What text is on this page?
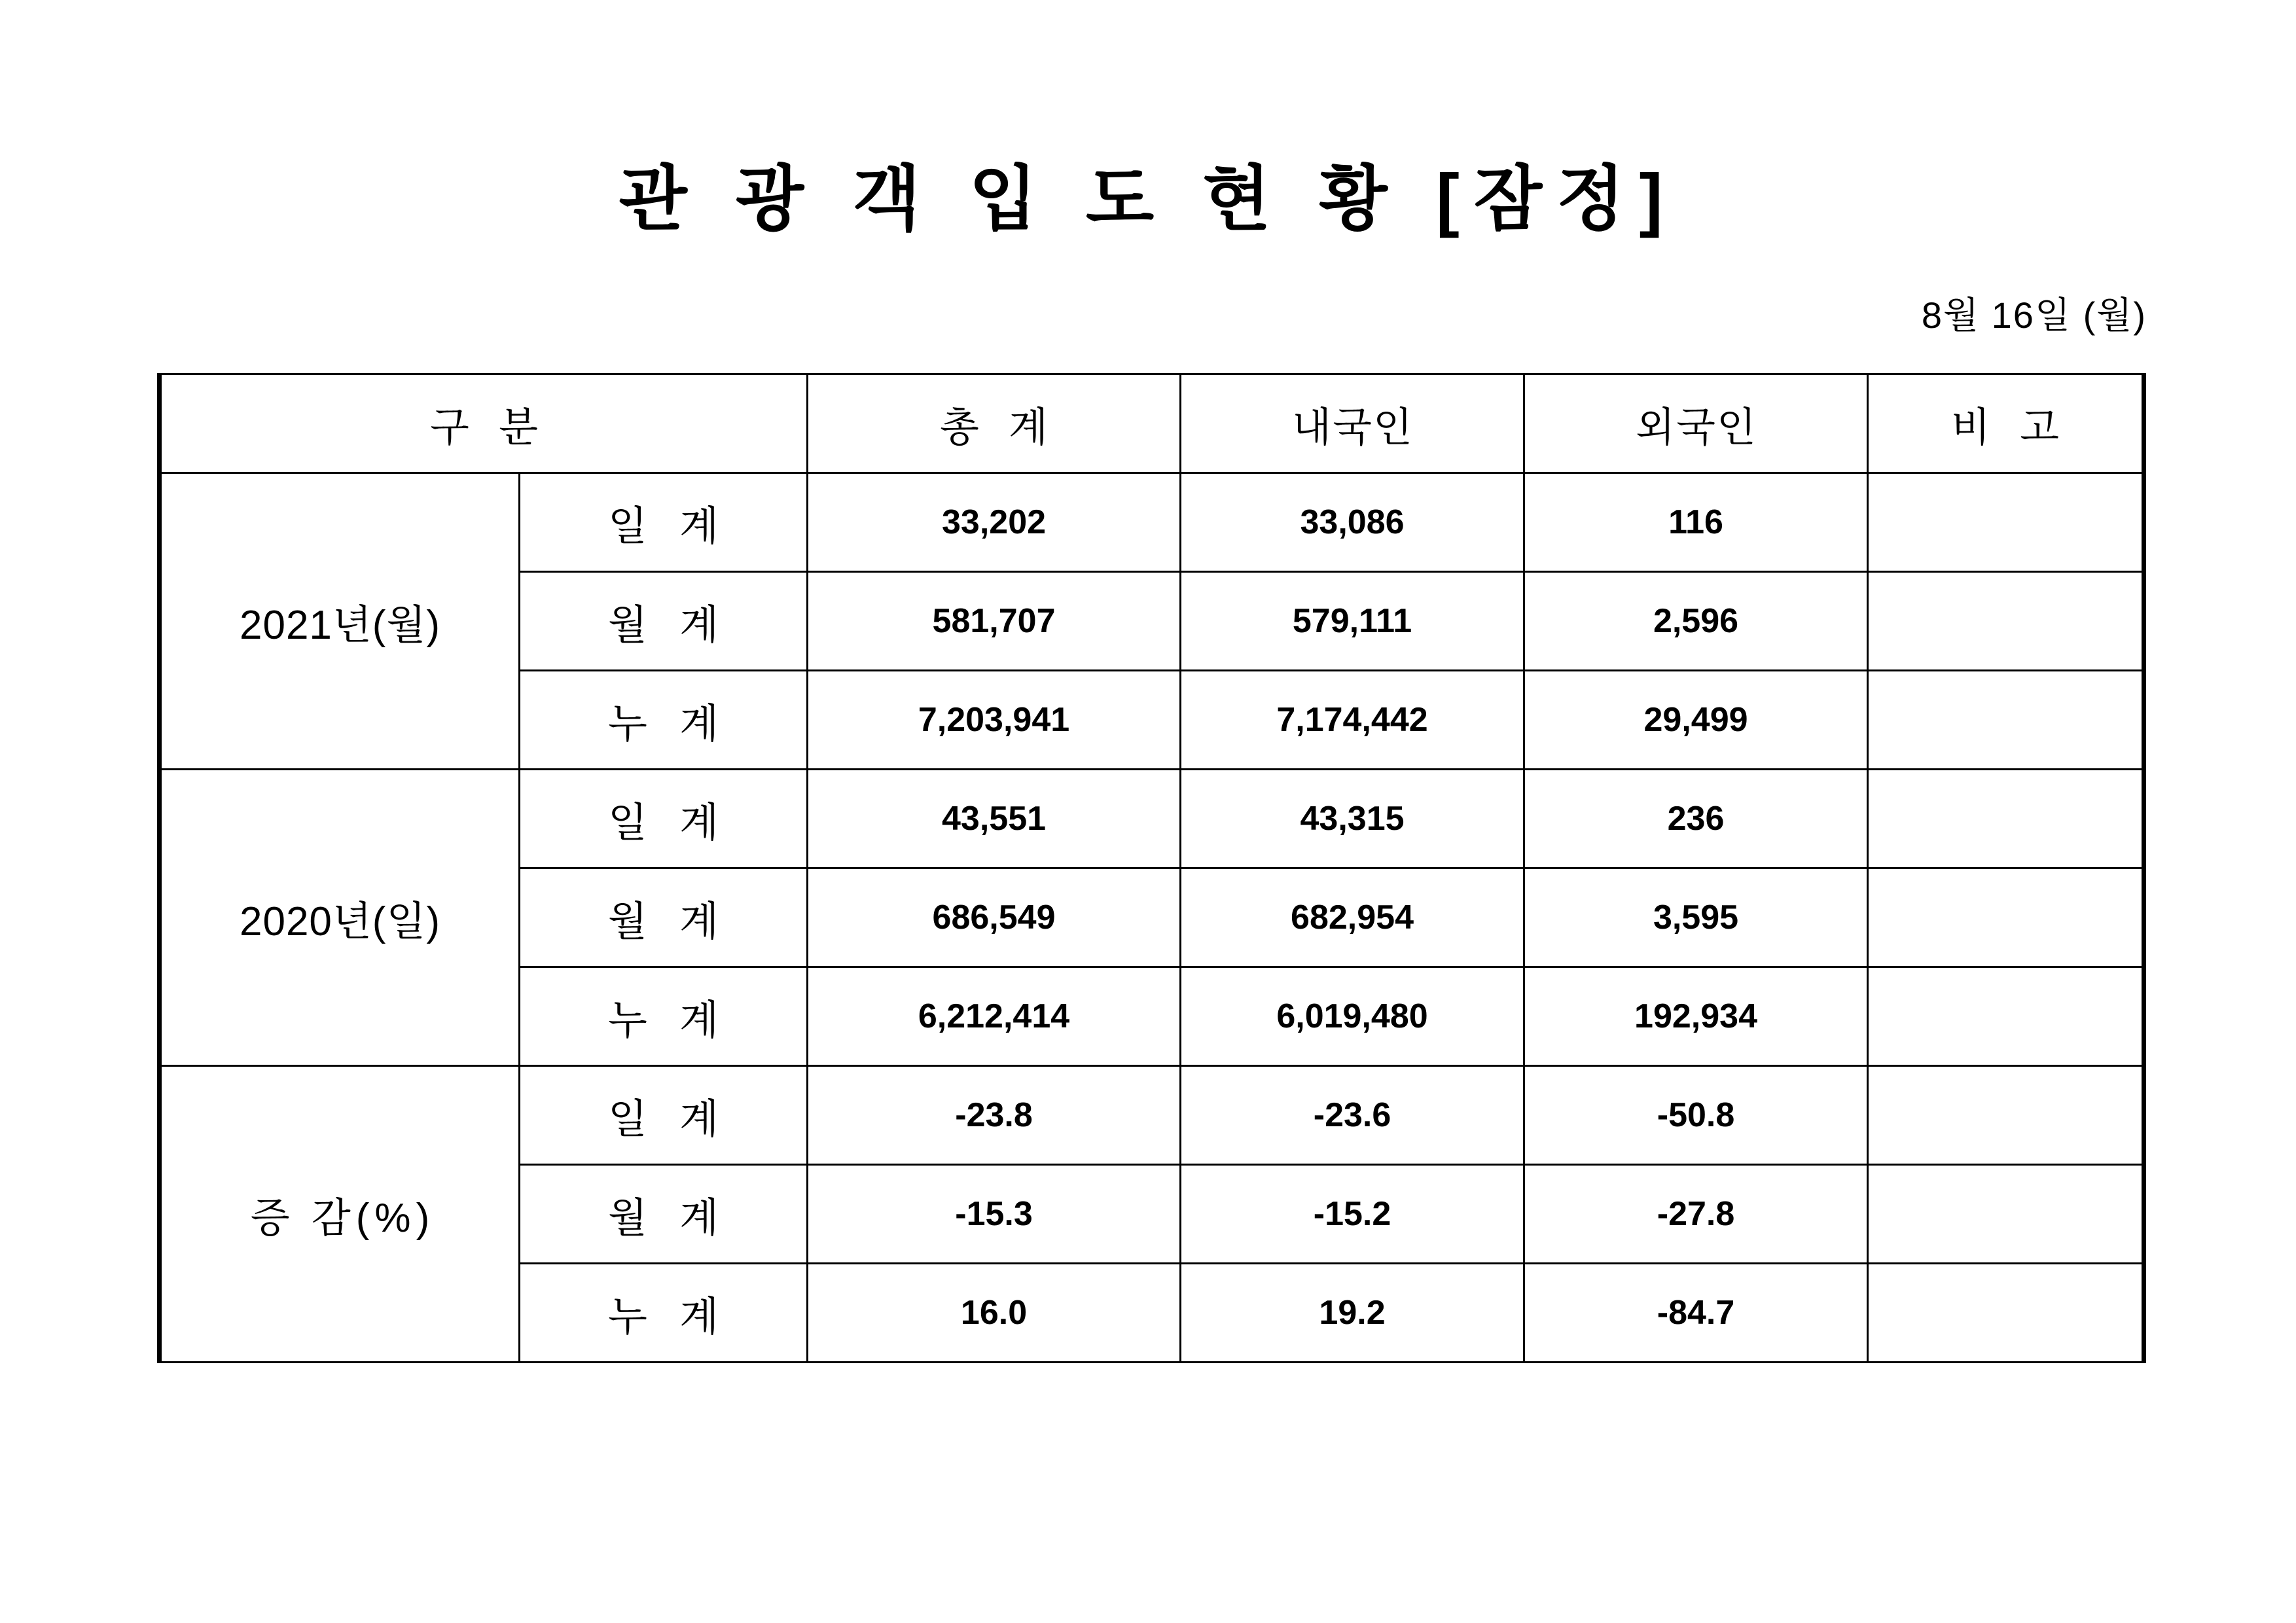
관 광 객 입 도 현 황 [잠정]
8월 16일 (월)
구 분		총 계	내국인	외국인	비 고
2021년(월)	일 계	33,202	33,086	116	
	월 계	581,707	579,111	2,596	
	누 계	7,203,941	7,174,442	29,499	
2020년(일)	일 계	43,551	43,315	236	
	월 계	686,549	682,954	3,595	
	누 계	6,212,414	6,019,480	192,934	
증 감(%)	일 계	-23.8	-23.6	-50.8	
	월 계	-15.3	-15.2	-27.8	
	누 계	16.0	19.2	-84.7	
